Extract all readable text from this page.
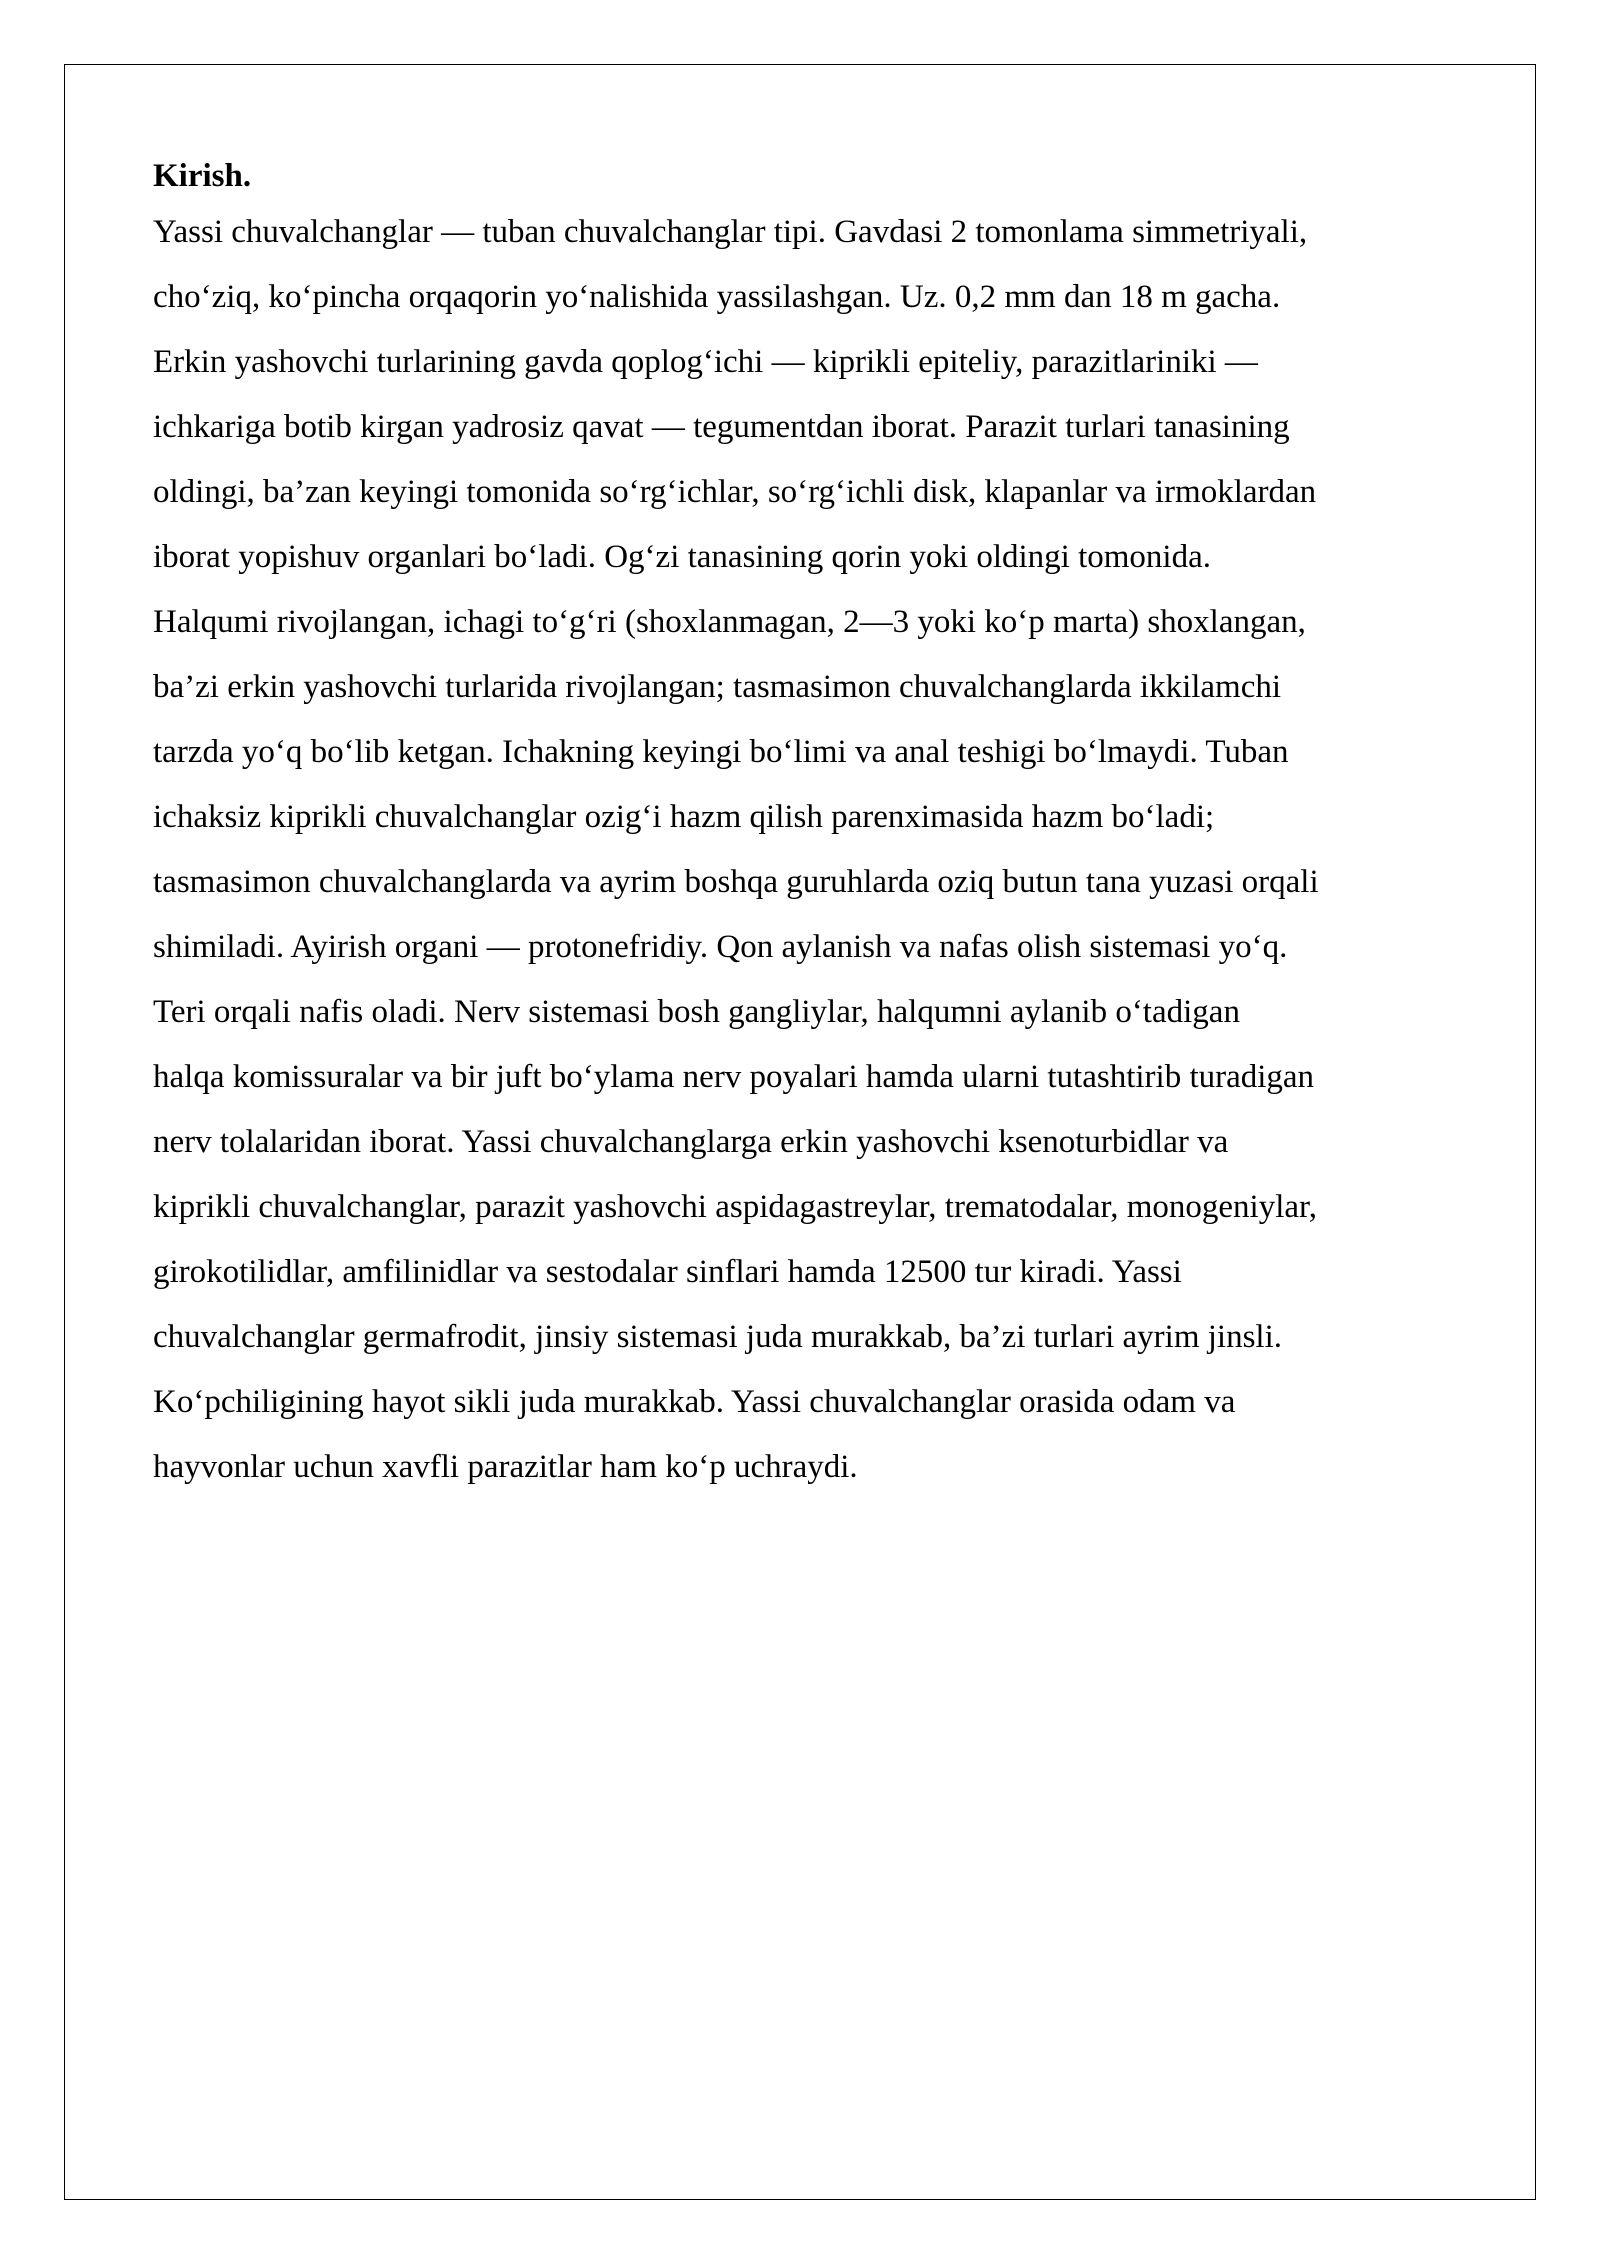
Kirish.

Yassi chuvalchanglar — tuban chuvalchanglar tipi. Gavdasi 2 tomonlama simmetriyali,

choʻziq, koʻpincha orqaqorin yoʻnalishida yassilashgan. Uz. 0,2 mm dan 18 m gacha.

Erkin yashovchi turlarining gavda qoplogʻichi — kiprikli epiteliy, parazitlariniki —

ichkariga botib kirgan yadrosiz qavat — tegumentdan iborat. Parazit turlari tanasining

oldingi, ba’zan keyingi tomonida soʻrgʻichlar, soʻrgʻichli disk, klapanlar va irmoklardan

iborat yopishuv organlari boʻladi. Ogʻzi tanasining qorin yoki oldingi tomonida.

Halqumi rivojlangan, ichagi toʻgʻri (shoxlanmagan, 2—3 yoki koʻp marta) shoxlangan,

ba’zi erkin yashovchi turlarida rivojlangan; tasmasimon chuvalchanglarda ikkilamchi

tarzda yoʻq boʻlib ketgan. Ichakning keyingi boʻlimi va anal teshigi boʻlmaydi. Tuban

ichaksiz kiprikli chuvalchanglar ozigʻi hazm qilish parenximasida hazm boʻladi;

tasmasimon chuvalchanglarda va ayrim boshqa guruhlarda oziq butun tana yuzasi orqali

shimiladi. Ayirish organi — protonefridiy. Qon aylanish va nafas olish sistemasi yoʻq.

Teri orqali nafis oladi. Nerv sistemasi bosh gangliylar, halqumni aylanib oʻtadigan

halqa komissuralar va bir juft boʻylama nerv poyalari hamda ularni tutashtirib turadigan

nerv tolalaridan iborat. Yassi chuvalchanglarga erkin yashovchi ksenoturbidlar va

kiprikli chuvalchanglar, parazit yashovchi aspidagastreylar, trematodalar, monogeniylar,

girokotilidlar, amfilinidlar va sestodalar sinflari hamda 12500 tur kiradi. Yassi

chuvalchanglar germafrodit, jinsiy sistemasi juda murakkab, ba’zi turlari ayrim jinsli.

Koʻpchiligining hayot sikli juda murakkab. Yassi chuvalchanglar orasida odam va

hayvonlar uchun xavfli parazitlar ham koʻp uchraydi.
